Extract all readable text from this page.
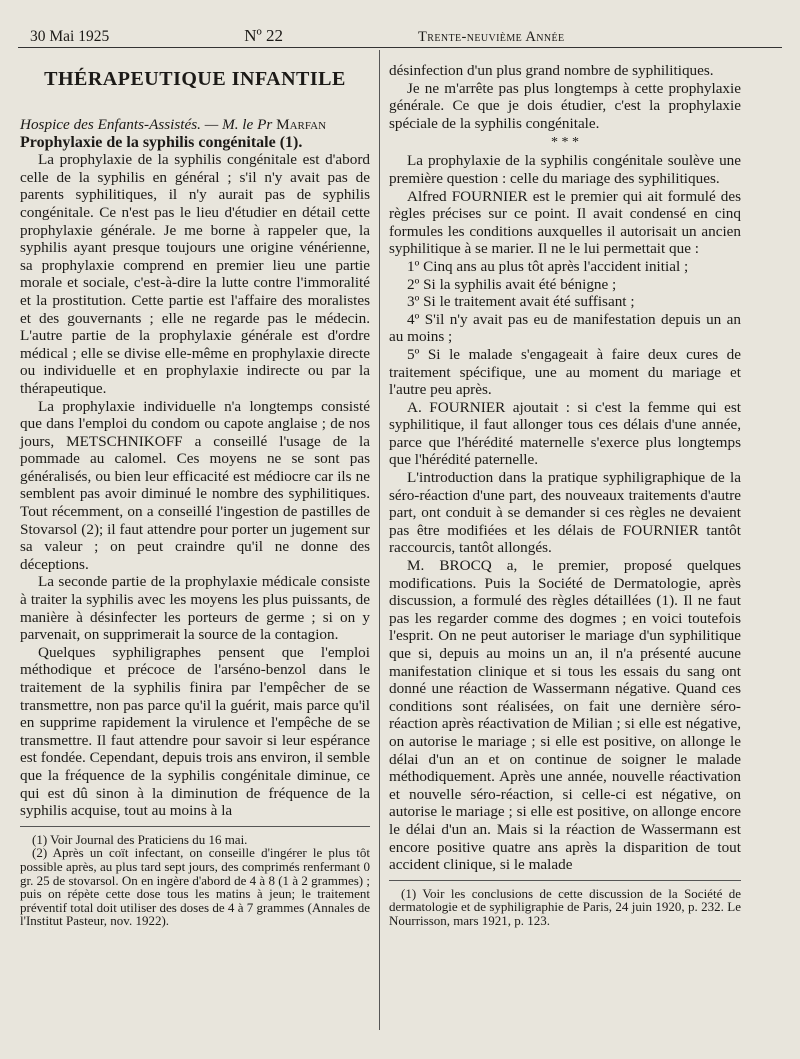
30 Mai 1925	Nº 22	Trente-neuvième Année
THÉRAPEUTIQUE INFANTILE

Hospice des Enfants-Assistés. — M. le Pr Marfan

Prophylaxie de la syphilis congénitale (1).

La prophylaxie de la syphilis congénitale est d'abord celle de la syphilis en général ; s'il n'y avait pas de parents syphilitiques, il n'y aurait pas de syphilis congénitale. Ce n'est pas le lieu d'étudier en détail cette prophylaxie générale. Je me borne à rappeler que, la syphilis ayant presque toujours une origine vénérienne, sa prophylaxie comprend en premier lieu une partie morale et sociale, c'est-à-dire la lutte contre l'immoralité et la prostitution. Cette partie est l'affaire des moralistes et des gouvernants ; elle ne regarde pas le médecin. L'autre partie de la prophylaxie générale est d'ordre médical ; elle se divise elle-même en prophylaxie directe ou individuelle et en prophylaxie indirecte ou par la thérapeutique.

La prophylaxie individuelle n'a longtemps consisté que dans l'emploi du condom ou capote anglaise ; de nos jours, METSCHNIKOFF a conseillé l'usage de la pommade au calomel. Ces moyens ne se sont pas généralisés, ou bien leur efficacité est médiocre car ils ne semblent pas avoir diminué le nombre des syphilitiques. Tout récemment, on a conseillé l'ingestion de pastilles de Stovarsol (2); il faut attendre pour porter un jugement sur sa valeur ; on peut craindre qu'il ne donne des déceptions.

La seconde partie de la prophylaxie médicale consiste à traiter la syphilis avec les moyens les plus puissants, de manière à désinfecter les porteurs de germe ; si on y parvenait, on supprimerait la source de la contagion.

Quelques syphiligraphes pensent que l'emploi méthodique et précoce de l'arséno-benzol dans le traitement de la syphilis finira par l'empêcher de se transmettre, non pas parce qu'il la guérit, mais parce qu'il en supprime rapidement la virulence et l'empêche de se transmettre. Il faut attendre pour savoir si leur espérance est fondée. Cependant, depuis trois ans environ, il semble que la fréquence de la syphilis congénitale diminue, ce qui est dû sinon à la diminution de fréquence de la syphilis acquise, tout au moins à la

(1) Voir Journal des Praticiens du 16 mai.

(2) Après un coït infectant, on conseille d'ingérer le plus tôt possible après, au plus tard sept jours, des comprimés renfermant 0 gr. 25 de stovarsol. On en ingère d'abord de 4 à 8 (1 à 2 grammes) ; puis on répète cette dose tous les matins à jeun; le traitement préventif total doit utiliser des doses de 4 à 7 grammes (Annales de l'Institut Pasteur, nov. 1922).

désinfection d'un plus grand nombre de syphilitiques.

Je ne m'arrête pas plus longtemps à cette prophylaxie générale. Ce que je dois étudier, c'est la prophylaxie spéciale de la syphilis congénitale.

* * *

La prophylaxie de la syphilis congénitale soulève une première question : celle du mariage des syphilitiques.

Alfred FOURNIER est le premier qui ait formulé des règles précises sur ce point. Il avait condensé en cinq formules les conditions auxquelles il autorisait un ancien syphilitique à se marier. Il ne le lui permettait que :

1º Cinq ans au plus tôt après l'accident initial ;

2º Si la syphilis avait été bénigne ;

3º Si le traitement avait été suffisant ;

4º S'il n'y avait pas eu de manifestation depuis un an au moins ;

5º Si le malade s'engageait à faire deux cures de traitement spécifique, une au moment du mariage et l'autre peu après.

A. FOURNIER ajoutait : si c'est la femme qui est syphilitique, il faut allonger tous ces délais d'une année, parce que l'hérédité maternelle s'exerce plus longtemps que l'hérédité paternelle.

L'introduction dans la pratique syphiligraphique de la séro-réaction d'une part, des nouveaux traitements d'autre part, ont conduit à se demander si ces règles ne devaient pas être modifiées et les délais de FOURNIER tantôt raccourcis, tantôt allongés.

M. BROCQ a, le premier, proposé quelques modifications. Puis la Société de Dermatologie, après discussion, a formulé des règles détaillées (1). Il ne faut pas les regarder comme des dogmes ; en voici toutefois l'esprit. On ne peut autoriser le mariage d'un syphilitique que si, depuis au moins un an, il n'a présenté aucune manifestation clinique et si tous les essais du sang ont donné une réaction de Wassermann négative. Quand ces conditions sont réalisées, on fait une dernière séro-réaction après réactivation de Milian ; si elle est négative, on autorise le mariage ; si elle est positive, on allonge le délai d'un an et on continue de soigner le malade méthodiquement. Après une année, nouvelle réactivation et nouvelle séro-réaction, si celle-ci est négative, on autorise le mariage ; si elle est positive, on allonge encore le délai d'un an. Mais si la réaction de Wassermann est encore positive quatre ans après la disparition de tout accident clinique, si le malade

(1) Voir les conclusions de cette discussion de la Société de dermatologie et de syphiligraphie de Paris, 24 juin 1920, p. 232. Le Nourrisson, mars 1921, p. 123.
